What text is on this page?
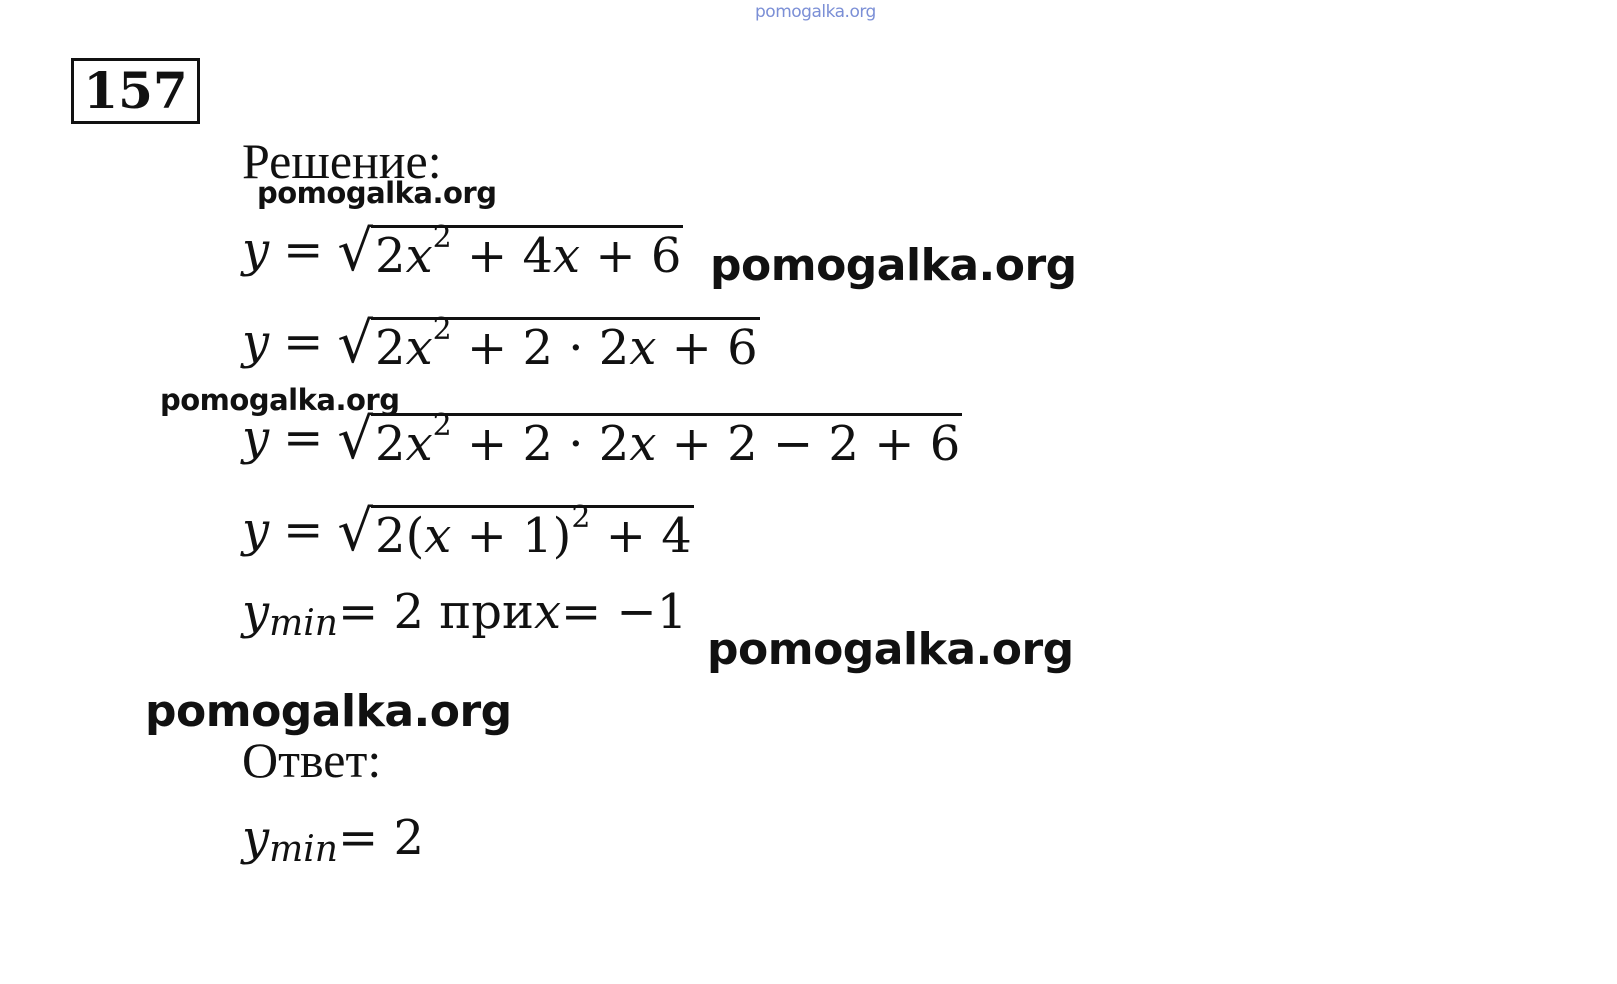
pomogalka.org
pomogalka.org
pomogalka.org
pomogalka.org
pomogalka.org
pomogalka.org
157
Решение:
y = √ $2x^2 + 4x + 6$
y = √ $2x^2 + 2 \cdot 2x + 6$
y = √ $2x^2 + 2 \cdot 2x + 2 - 2 + 6$
y = √ $2(x + 1)^2 + 4$
y min = 2 при x = −1
Ответ:
y min = 2
